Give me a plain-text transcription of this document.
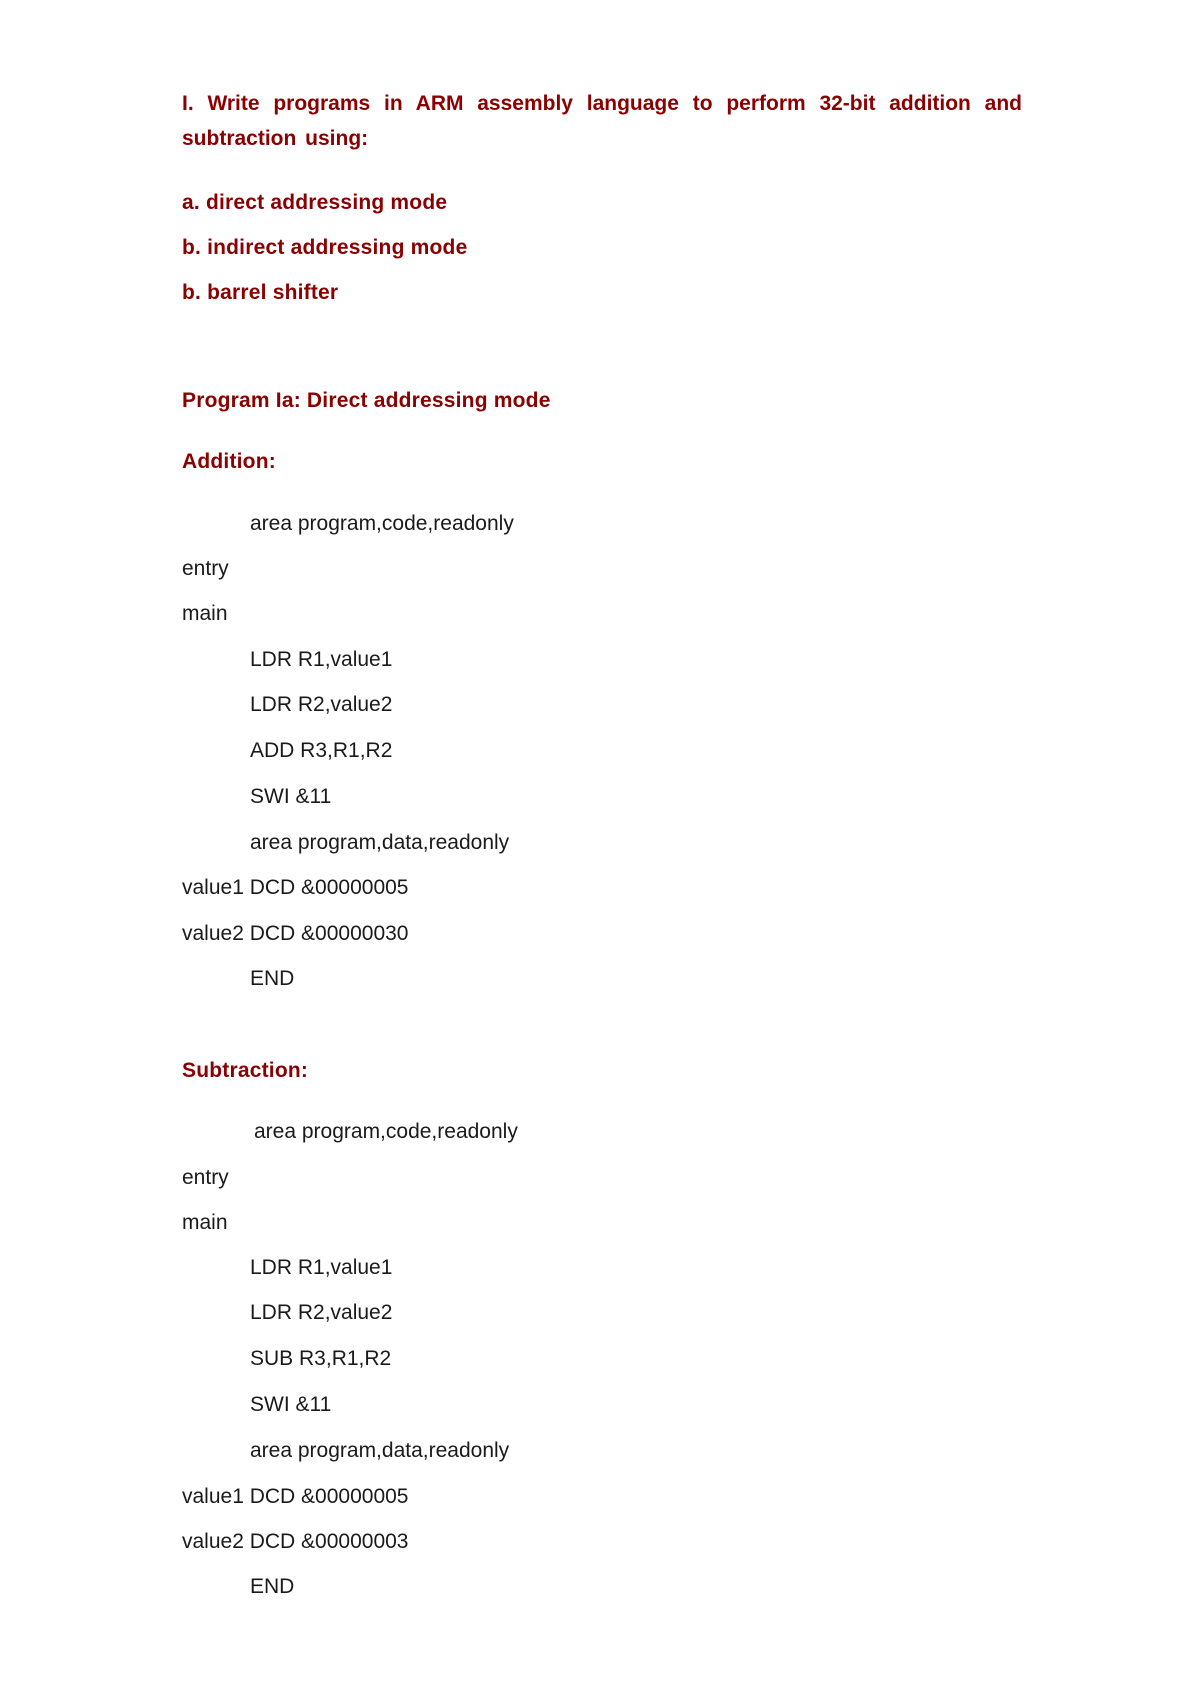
I. Write programs in ARM assembly language to perform 32-bit addition and subtraction using:
a. direct addressing mode
b. indirect addressing mode
b. barrel shifter
Program Ia: Direct addressing mode
Addition:
area program,code,readonly
entry
main
LDR R1,value1
LDR R2,value2
ADD R3,R1,R2
SWI &11
area program,data,readonly
value1 DCD &00000005
value2 DCD &00000030
END
Subtraction:
area program,code,readonly
entry
main
LDR R1,value1
LDR R2,value2
SUB R3,R1,R2
SWI &11
area program,data,readonly
value1 DCD &00000005
value2 DCD &00000003
END
